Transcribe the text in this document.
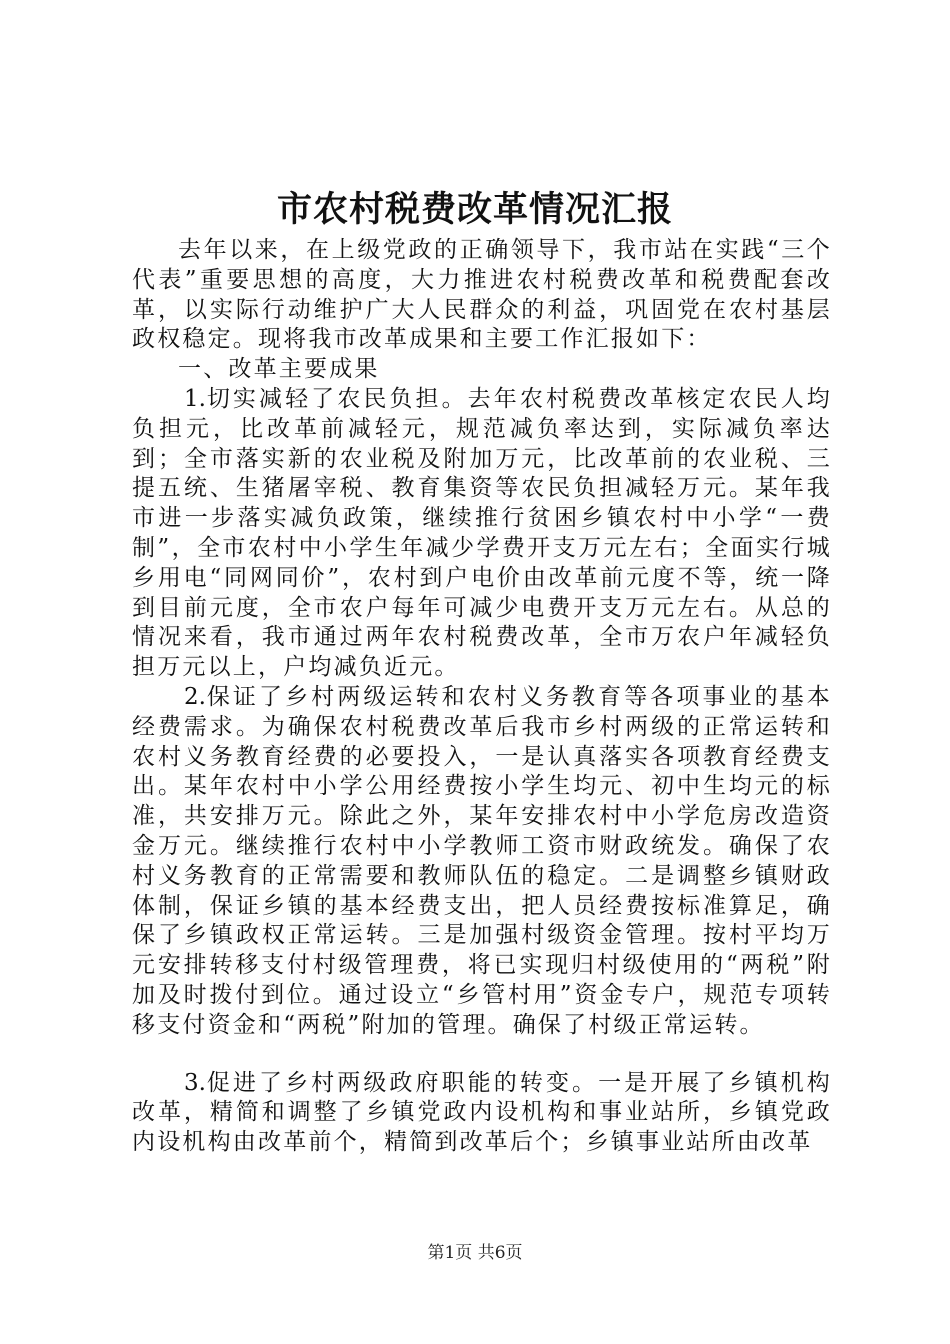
市农村税费改革情况汇报

去年以来，在上级党政的正确领导下，我市站在实践“三个代表”重要思想的高度，大力推进农村税费改革和税费配套改革，以实际行动维护广大人民群众的利益，巩固党在农村基层政权稳定。现将我市改革成果和主要工作汇报如下：

一、改革主要成果

1.切实减轻了农民负担。去年农村税费改革核定农民人均负担元，比改革前减轻元，规范减负率达到，实际减负率达到；全市落实新的农业税及附加万元，比改革前的农业税、三提五统、生猪屠宰税、教育集资等农民负担减轻万元。某年我市进一步落实减负政策，继续推行贫困乡镇农村中小学“一费制”，全市农村中小学生年减少学费开支万元左右；全面实行城乡用电“同网同价”，农村到户电价由改革前元度不等，统一降到目前元度，全市农户每年可减少电费开支万元左右。从总的情况来看，我市通过两年农村税费改革，全市万农户年减轻负担万元以上，户均减负近元。

2.保证了乡村两级运转和农村义务教育等各项事业的基本经费需求。为确保农村税费改革后我市乡村两级的正常运转和农村义务教育经费的必要投入，一是认真落实各项教育经费支出。某年农村中小学公用经费按小学生均元、初中生均元的标准，共安排万元。除此之外，某年安排农村中小学危房改造资金万元。继续推行农村中小学教师工资市财政统发。确保了农村义务教育的正常需要和教师队伍的稳定。二是调整乡镇财政体制，保证乡镇的基本经费支出，把人员经费按标准算足，确保了乡镇政权正常运转。三是加强村级资金管理。按村平均万元安排转移支付村级管理费，将已实现归村级使用的“两税”附加及时拨付到位。通过设立“乡管村用”资金专户，规范专项转移支付资金和“两税”附加的管理。确保了村级正常运转。

3.促进了乡村两级政府职能的转变。一是开展了乡镇机构改革，精简和调整了乡镇党政内设机构和事业站所，乡镇党政内设机构由改革前个，精简到改革后个；乡镇事业站所由改革

第1页 共6页
